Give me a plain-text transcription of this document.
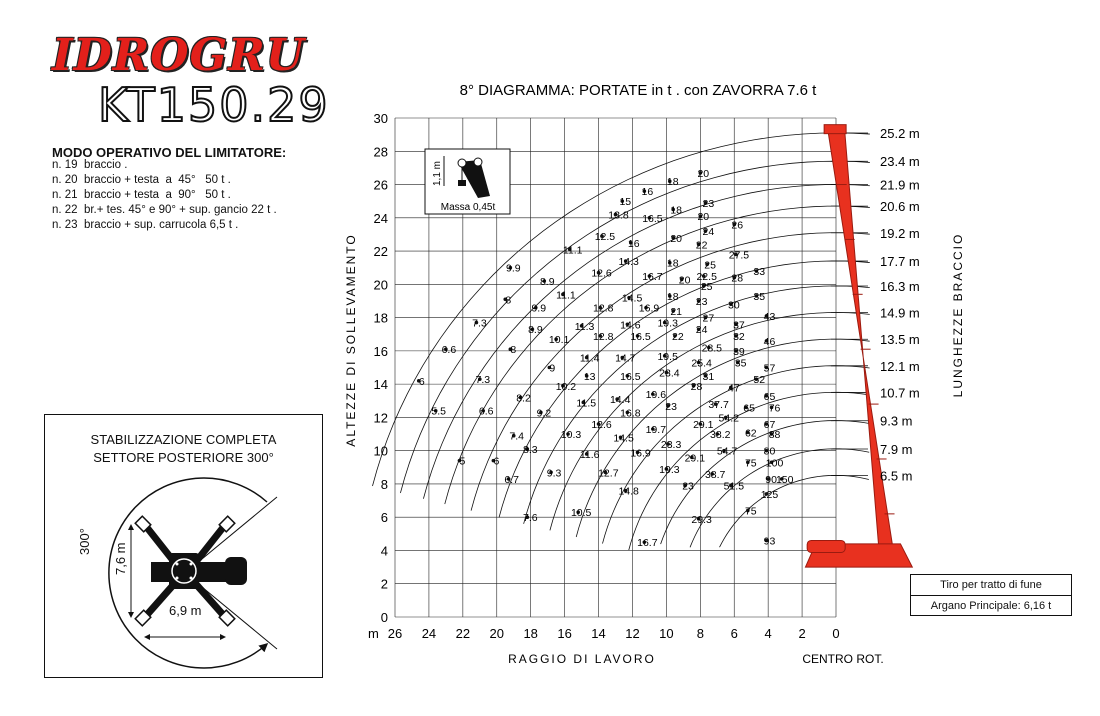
IDROGRU
KT150.29
MODO OPERATIVO DEL LIMITATORE:
n. 19 braccio .
n. 20 braccio + testa  a  45°   50 t .
n. 21 braccio + testa  a  90°   50 t .
n. 22 br.+ tes. 45° e 90° + sup. gancio 22 t .
n. 23 braccio + sup. carrucola 6,5 t .
STABILIZZAZIONE COMPLETA
SETTORE POSTERIORE 300°
300°
7,6 m
6,9 m
20
18
16
15	23
18
16.5
13.8	20
26
12.5	24
20
16	22
11.1	27.5
18
14.3	25
33
9.9
22.5
12.6	16.7 20	28
8.9	25
11.1	14.5 18	35
23
8	30
16.9
12.8	21
9.9
43
27
19.3	37
14.6
7.3	11.3
8.9	24
32
22
16.5
12.8
10.1	46
28.5 39
6.6	8
19.5
14.7
11.4	25.4 35 57
9	23.4 31
16.5
13	52
7.3
6	10.2	28 47
19.6	65
14.4
8.2	11.5	37.7 65
23	76
16.8
5.5	6.6	9.2	54.2
67
29.1
12.6	19.7
10.3	62
38.2	88
7.4	14.5
23.3
8.3	80
54.7
16.9
11.6	29.1
5	6	100
75
19.3
12.7
9.3	38.7	90
150
6.7
51.5
23
125
14.8
75
10.5
7.6	29.3
93
16.7
26 24 22 20 18 16 14 12 10 8 6 4 2 0
0
2
4
6
8
10
12
14
16
18
20
22
24
26
28
30
25.2 m
23.4 m
21.9 m
20.6 m
19.2 m
17.7 m
16.3 m
14.9 m
13.5 m
12.1 m
10.7 m
9.3 m
7.9 m
6.5 m
8° DIAGRAMMA: PORTATE in t . con ZAVORRA 7.6 t
RAGGIO DI LAVORO	CENTRO ROT.
m
ALTEZZE DI SOLLEVAMENTO	LUNGHEZZE BRACCIO
1,1 m
Massa 0,45t
Tiro per tratto di fune
Argano Principale: 6,16 t
